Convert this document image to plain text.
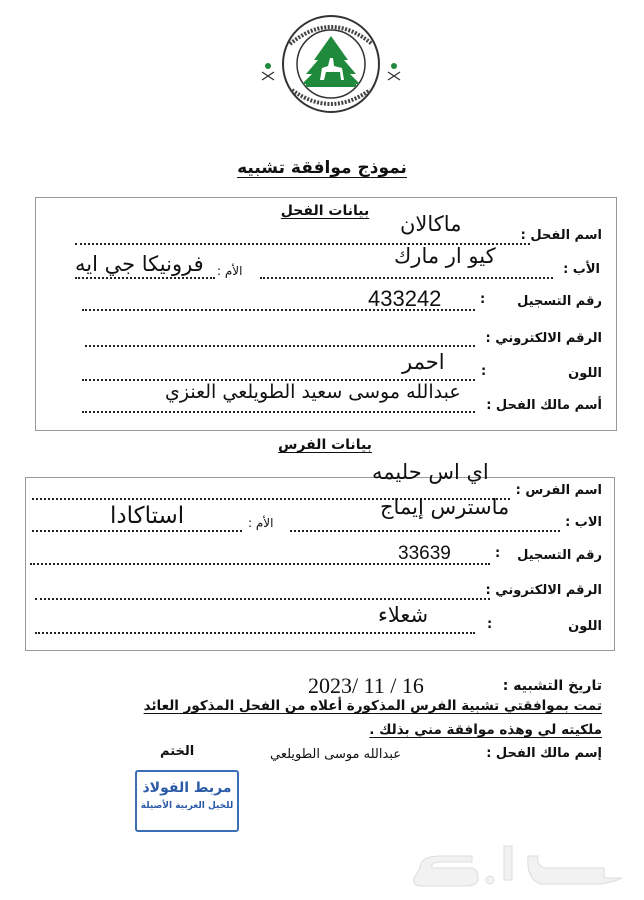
نموذج موافقة تشبيه
بيانات الفحل
اسم الفحل :
ماكالان
الأب :
كيو ار مارك
الأم :
فرونيكا جي ايه
رقم التسجيل
:
433242
الرقم الالكتروني :
اللون
:
احمر
أسم مالك الفحل :
عبدالله موسى سعيد الطويلعي العنزي
بيانات الفرس
اسم الفرس :
اي اس حليمه
الاب :
ماسترس إيماج
الأم :
استاكادا
رقم التسجيل
:
33639
الرقم الالكتروني :
اللون
:
شعلاء
تاريخ التشبيه :
2023/ 11 / 16
تمت بموافقتي تشبية الفرس المذكورة أعلاه من الفحل المذكور العائد
ملكيته لي وهذه موافقة مني بذلك .
إسم مالك الفحل :
عبدالله موسى الطويلعي
الختم
مربط الفولاذ
للخيل العربية الأصيلة
